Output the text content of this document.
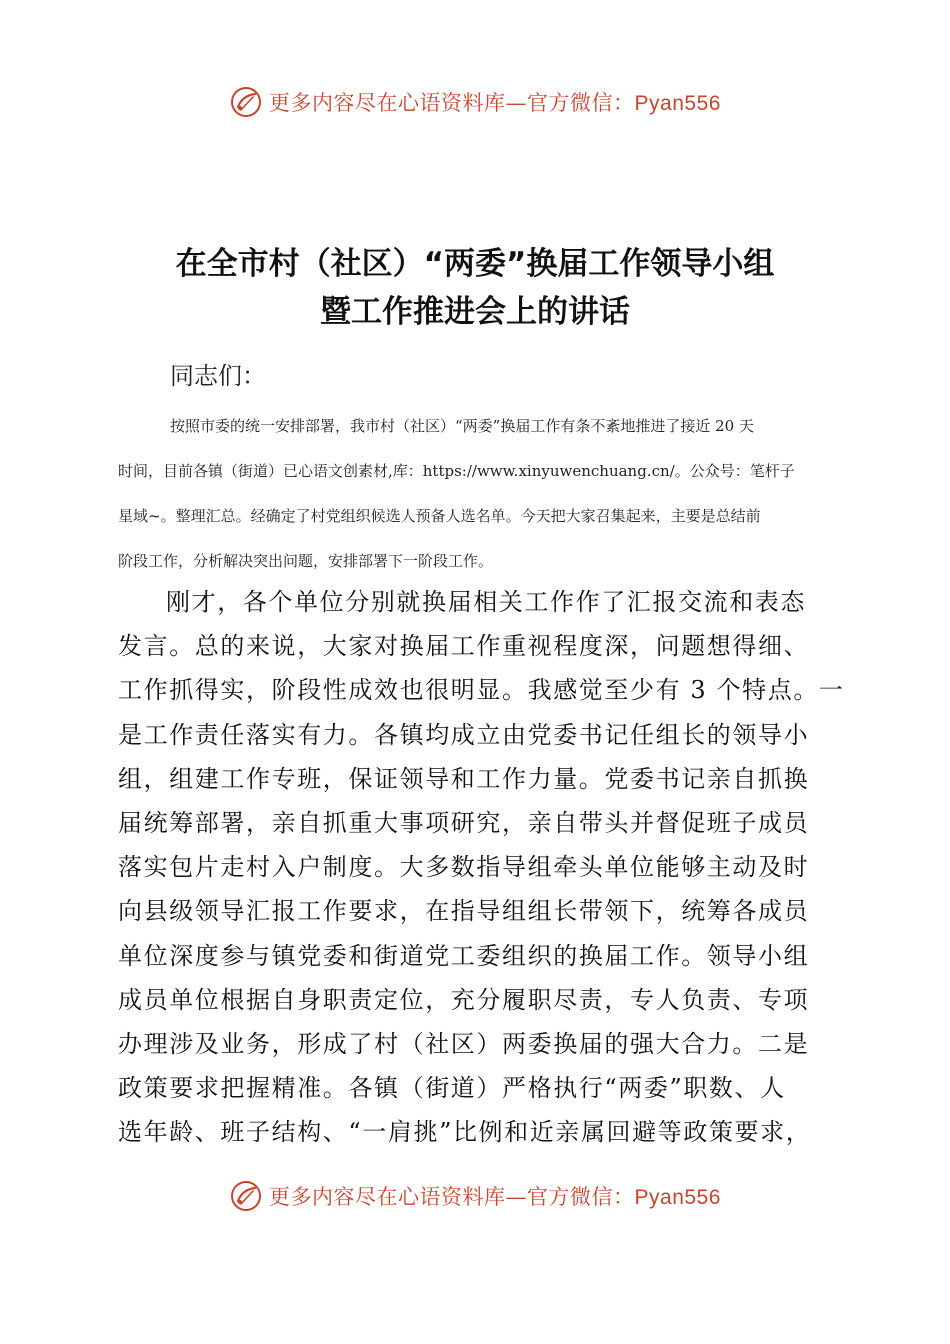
更多内容尽在心语资料库—官方微信：Pyan556
在全市村（社区）“两委”换届工作领导小组
暨工作推进会上的讲话
同志们：
按照市委的统一安排部署，我市村（社区）“两委”换届工作有条不紊地推进了接近 20 天
时间，目前各镇（街道）已心语文创素材,库：https://www.xinyuwenchuang.cn/。公众号：笔杆子
星域~。整理汇总。经确定了村党组织候选人预备人选名单。今天把大家召集起来，主要是总结前
阶段工作，分析解决突出问题，安排部署下一阶段工作。
刚才，各个单位分别就换届相关工作作了汇报交流和表态
发言。总的来说，大家对换届工作重视程度深，问题想得细、
工作抓得实，阶段性成效也很明显。我感觉至少有 3 个特点。一
是工作责任落实有力。各镇均成立由党委书记任组长的领导小
组，组建工作专班，保证领导和工作力量。党委书记亲自抓换
届统筹部署，亲自抓重大事项研究，亲自带头并督促班子成员
落实包片走村入户制度。大多数指导组牵头单位能够主动及时
向县级领导汇报工作要求，在指导组组长带领下，统筹各成员
单位深度参与镇党委和街道党工委组织的换届工作。领导小组
成员单位根据自身职责定位，充分履职尽责，专人负责、专项
办理涉及业务，形成了村（社区）两委换届的强大合力。二是
政策要求把握精准。各镇（街道）严格执行“两委”职数、人
选年龄、班子结构、“一肩挑”比例和近亲属回避等政策要求，
更多内容尽在心语资料库—官方微信：Pyan556
